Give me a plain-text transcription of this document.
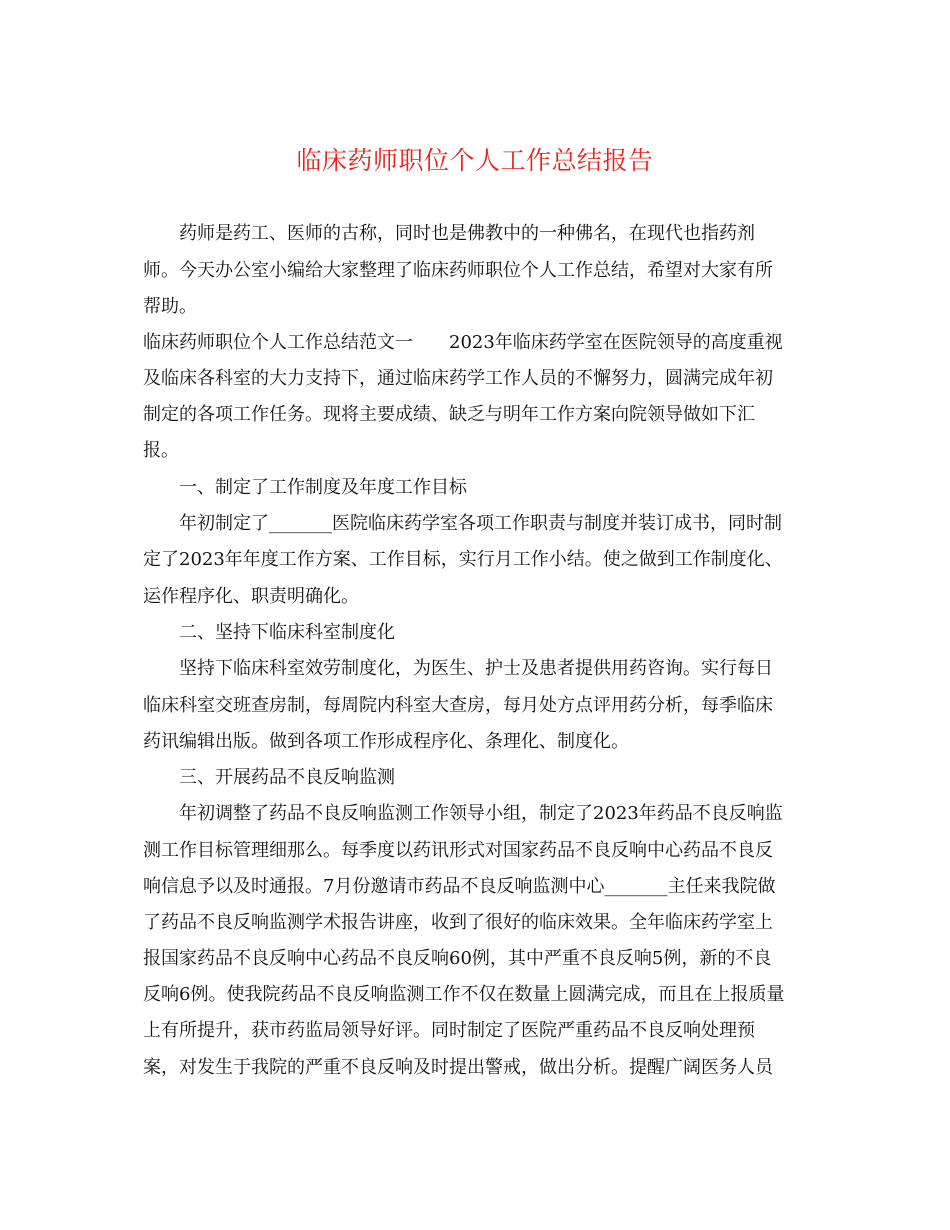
临床药师职位个人工作总结报告

药师是药工、医师的古称，同时也是佛教中的一种佛名，在现代也指药剂

师。今天办公室小编给大家整理了临床药师职位个人工作总结，希望对大家有所

帮助。

临床药师职位个人工作总结范文一　　2023年临床药学室在医院领导的高度重视

及临床各科室的大力支持下，通过临床药学工作人员的不懈努力，圆满完成年初

制定的各项工作任务。现将主要成绩、缺乏与明年工作方案向院领导做如下汇

报。

一、制定了工作制度及年度工作目标

年初制定了_______医院临床药学室各项工作职责与制度并装订成书，同时制

定了2023年年度工作方案、工作目标，实行月工作小结。使之做到工作制度化、

运作程序化、职责明确化。

二、坚持下临床科室制度化

坚持下临床科室效劳制度化，为医生、护士及患者提供用药咨询。实行每日

临床科室交班查房制，每周院内科室大查房，每月处方点评用药分析，每季临床

药讯编辑出版。做到各项工作形成程序化、条理化、制度化。

三、开展药品不良反响监测

年初调整了药品不良反响监测工作领导小组，制定了2023年药品不良反响监

测工作目标管理细那么。每季度以药讯形式对国家药品不良反响中心药品不良反

响信息予以及时通报。7月份邀请市药品不良反响监测中心_______主任来我院做

了药品不良反响监测学术报告讲座，收到了很好的临床效果。全年临床药学室上

报国家药品不良反响中心药品不良反响60例，其中严重不良反响5例，新的不良

反响6例。使我院药品不良反响监测工作不仅在数量上圆满完成，而且在上报质量

上有所提升，获市药监局领导好评。同时制定了医院严重药品不良反响处理预

案，对发生于我院的严重不良反响及时提出警戒，做出分析。提醒广阔医务人员
